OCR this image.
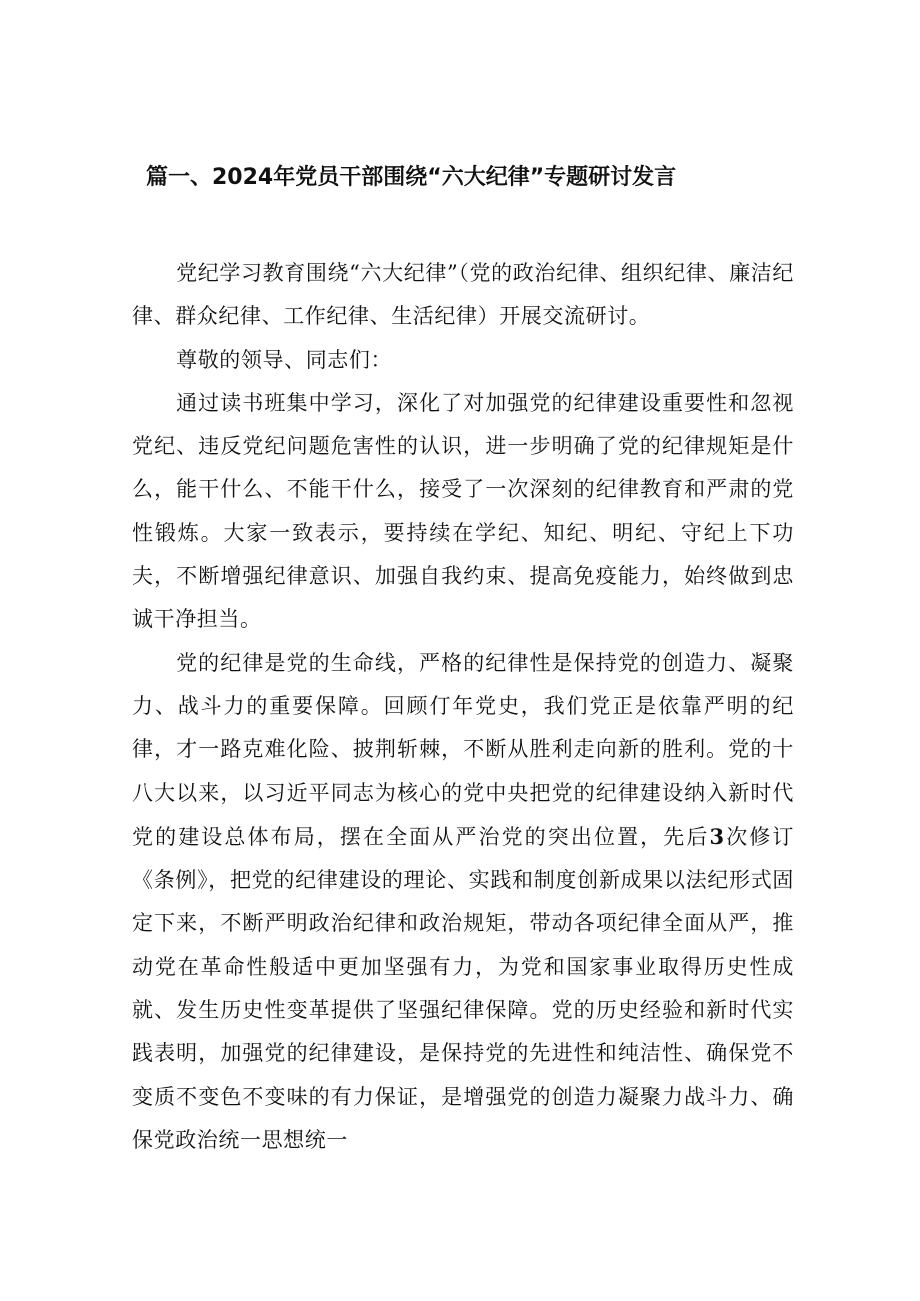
篇一、2024年党员干部围绕“六大纪律”专题研讨发言

党纪学习教育围绕“六大纪律”（党的政治纪律、组织纪律、廉洁纪律、群众纪律、工作纪律、生活纪律）开展交流研讨。

尊敬的领导、同志们：

通过读书班集中学习，深化了对加强党的纪律建设重要性和忽视党纪、违反党纪问题危害性的认识，进一步明确了党的纪律规矩是什么，能干什么、不能干什么，接受了一次深刻的纪律教育和严肃的党性锻炼。大家一致表示，要持续在学纪、知纪、明纪、守纪上下功夫，不断增强纪律意识、加强自我约束、提高免疫能力，始终做到忠诚干净担当。

党的纪律是党的生命线，严格的纪律性是保持党的创造力、凝聚力、战斗力的重要保障。回顾仃年党史，我们党正是依靠严明的纪律，才一路克难化险、披荆斩棘，不断从胜利走向新的胜利。党的十八大以来，以习近平同志为核心的党中央把党的纪律建设纳入新时代党的建设总体布局，摆在全面从严治党的突出位置，先后3次修订《条例》，把党的纪律建设的理论、实践和制度创新成果以法纪形式固定下来，不断严明政治纪律和政治规矩，带动各项纪律全面从严，推动党在革命性般适中更加坚强有力，为党和国家事业取得历史性成就、发生历史性变革提供了坚强纪律保障。党的历史经验和新时代实践表明，加强党的纪律建设，是保持党的先进性和纯洁性、确保党不变质不变色不变味的有力保证，是增强党的创造力凝聚力战斗力、确保党政治统一思想统一
